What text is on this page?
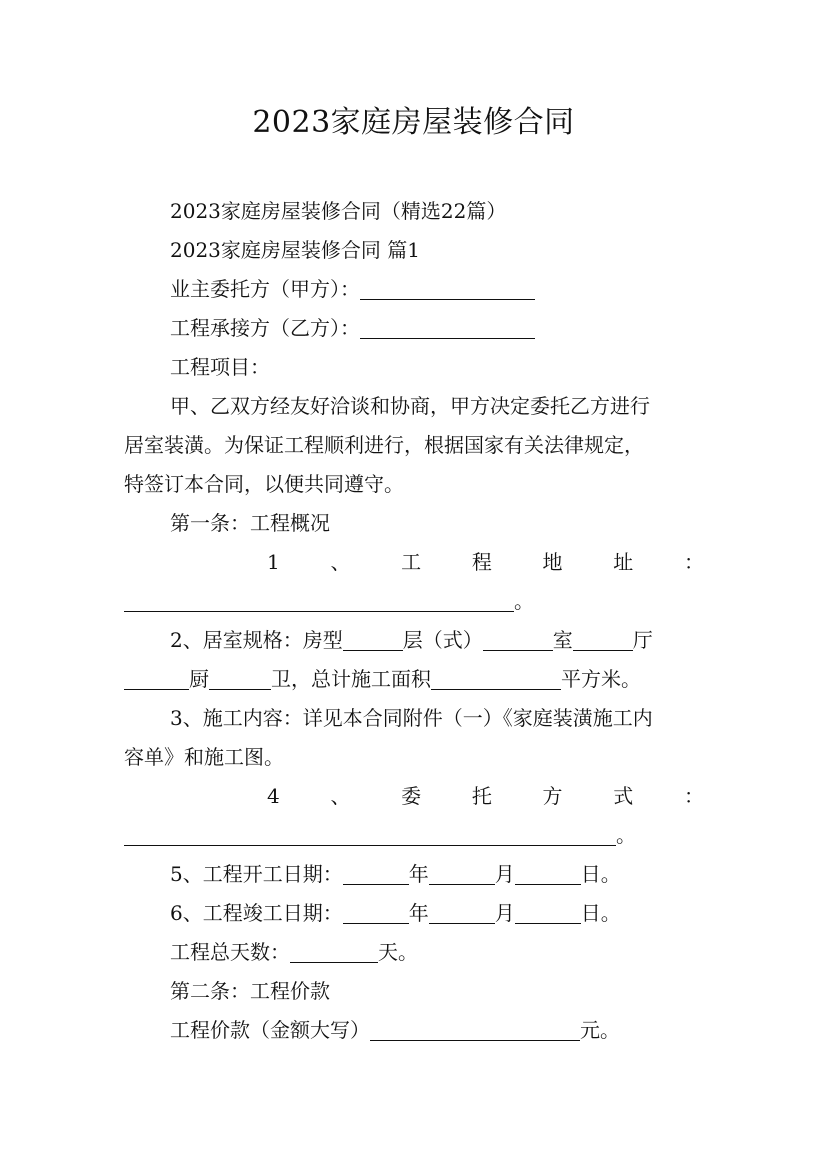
2023家庭房屋装修合同
2023家庭房屋装修合同（精选22篇）
2023家庭房屋装修合同 篇1
业主委托方（甲方）：
工程承接方（乙方）：
工程项目：
甲、乙双方经友好洽谈和协商，甲方决定委托乙方进行
居室装潢。为保证工程顺利进行，根据国家有关法律规定，
特签订本合同，以便共同遵守。
第一条：工程概况
1	、	工	程	地	址	：
。
2、居室规格：房型	层（式）	室	厅
厨	卫，总计施工面积	平方米。
3、施工内容：详见本合同附件（一）《家庭装潢施工内
容单》和施工图。
4	、	委	托	方	式	：
。
5、工程开工日期：	年	月	日。
6、工程竣工日期：	年	月	日。
工程总天数：	天。
第二条：工程价款
工程价款（金额大写）	元。
